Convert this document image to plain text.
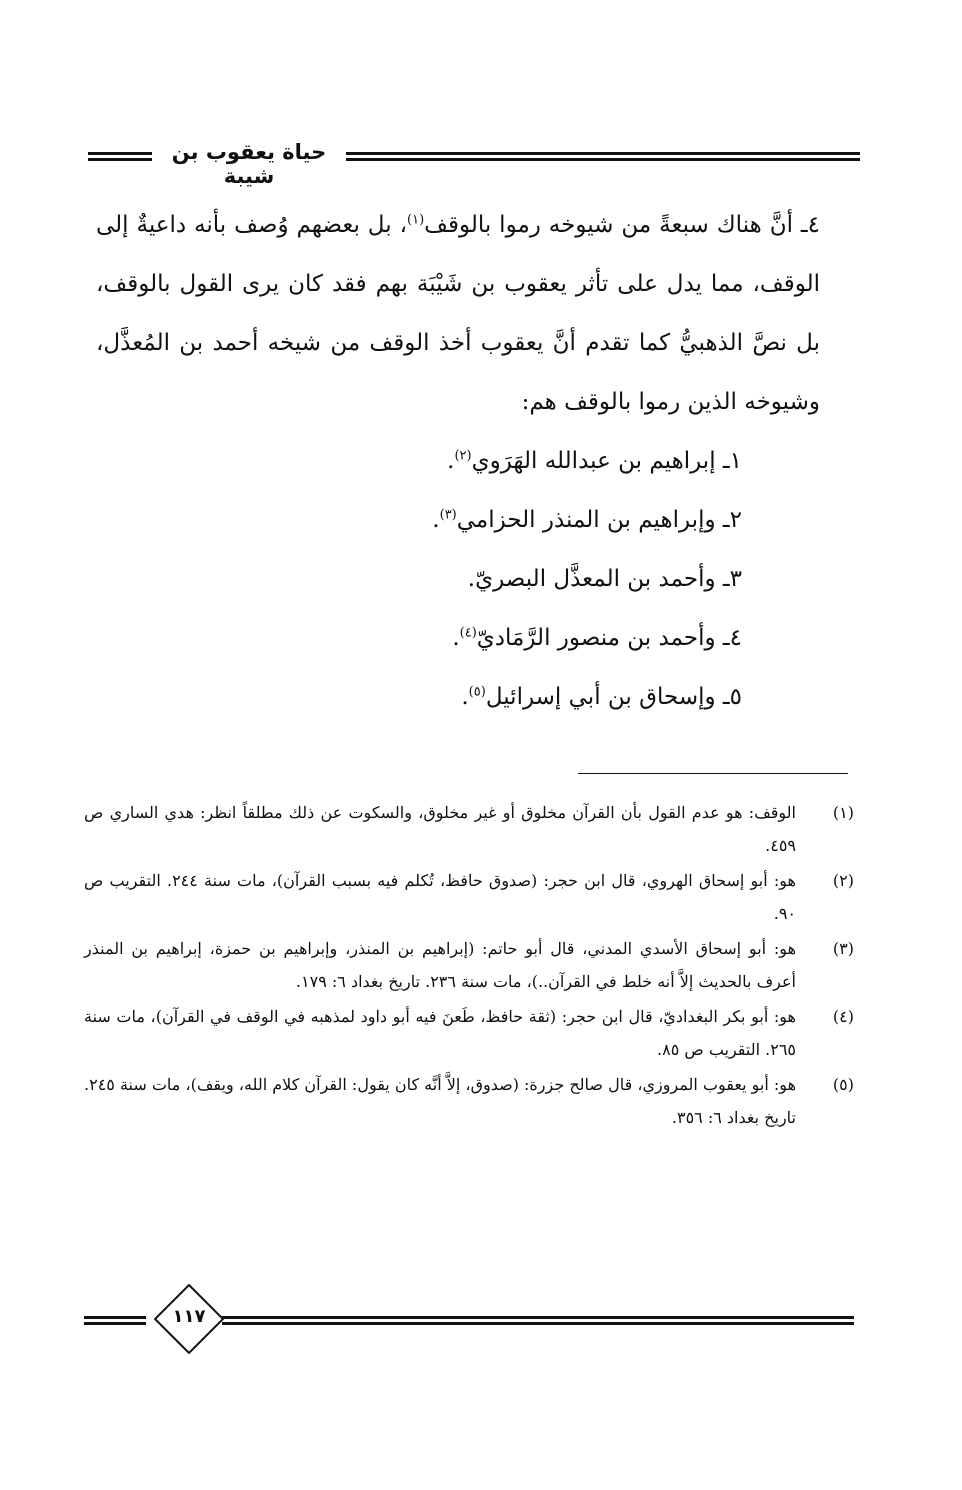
حياة يعقوب بن شيبة

٤ـ أنَّ هناك سبعةً من شيوخه رموا بالوقف$^{(١)}$، بل بعضهم وُصف بأنه داعيةٌ إلى الوقف، مما يدل على تأثر يعقوب بن شَيْبَة بهم فقد كان يرى القول بالوقف، بل نصَّ الذهبيُّ كما تقدم أنَّ يعقوب أخذ الوقف من شيخه أحمد بن المُعذَّل، وشيوخه الذين رموا بالوقف هم:

١ـ إبراهيم بن عبدالله الهَرَوي$^{(٢)}$.
٢ـ وإبراهيم بن المنذر الحزامي$^{(٣)}$.
٣ـ وأحمد بن المعذَّل البصريّ.
٤ـ وأحمد بن منصور الرَّمَاديّ$^{(٤)}$.
٥ـ وإسحاق بن أبي إسرائيل$^{(٥)}$.
(١)
الوقف: هو عدم القول بأن القرآن مخلوق أو غير مخلوق، والسكوت عن ذلك مطلقاً انظر: هدي الساري ص ٤٥٩.
(٢)
هو: أبو إسحاق الهروي، قال ابن حجر: (صدوق حافظ، تُكلم فيه بسبب القرآن)، مات سنة ٢٤٤. التقريب ص ٩٠.
(٣)
هو: أبو إسحاق الأسدي المدني، قال أبو حاتم: (إبراهيم بن المنذر، وإبراهيم بن حمزة، إبراهيم بن المنذر أعرف بالحديث إلاَّ أنه خلط في القرآن..)، مات سنة ٢٣٦. تاريخ بغداد ٦: ١٧٩.
(٤)
هو: أبو بكر البغداديّ، قال ابن حجر: (ثقة حافظ، طَعنَ فيه أبو داود لمذهبه في الوقف في القرآن)، مات سنة ٢٦٥. التقريب ص ٨٥.
(٥)
هو: أبو يعقوب المروزي، قال صالح جزرة: (صدوق، إلاَّ أنَّه كان يقول: القرآن كلام الله، ويقف)، مات سنة ٢٤٥. تاريخ بغداد ٦: ٣٥٦.
١١٧
